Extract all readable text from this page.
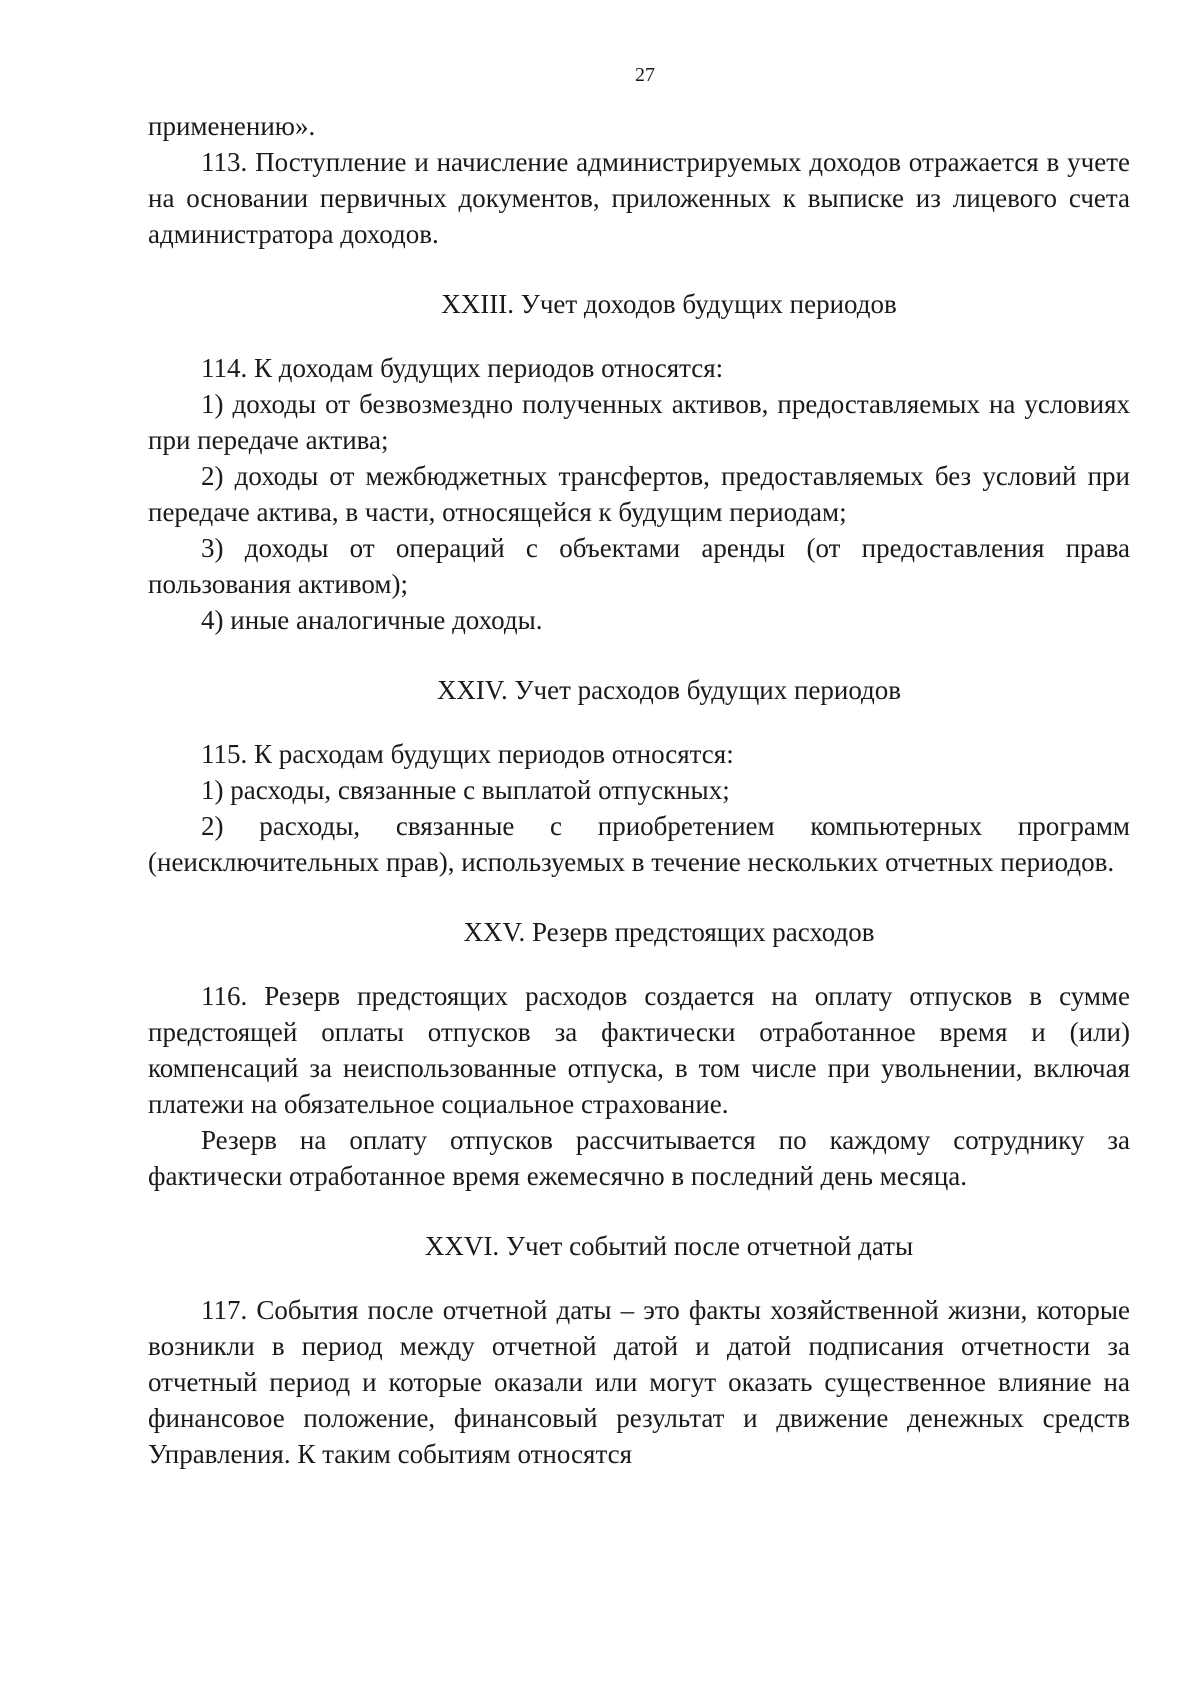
27

применению».

113. Поступление и начисление администрируемых доходов отражается в учете на основании первичных документов, приложенных к выписке из лицевого счета администратора доходов.

XXIII. Учет доходов будущих периодов

114. К доходам будущих периодов относятся:

1) доходы от безвозмездно полученных активов, предоставляемых на условиях при передаче актива;

2) доходы от межбюджетных трансфертов, предоставляемых без условий при передаче актива, в части, относящейся к будущим периодам;

3) доходы от операций с объектами аренды (от предоставления права пользования активом);

4) иные аналогичные доходы.

XXIV. Учет расходов будущих периодов

115. К расходам будущих периодов относятся:

1) расходы, связанные с выплатой отпускных;

2) расходы, связанные с приобретением компьютерных программ (неисключительных прав), используемых в течение нескольких отчетных периодов.

XXV. Резерв предстоящих расходов

116. Резерв предстоящих расходов создается на оплату отпусков в сумме предстоящей оплаты отпусков за фактически отработанное время и (или) компенсаций за неиспользованные отпуска, в том числе при увольнении, включая платежи на обязательное социальное страхование.

Резерв на оплату отпусков рассчитывается по каждому сотруднику за фактически отработанное время ежемесячно в последний день месяца.

XXVI. Учет событий после отчетной даты

117. События после отчетной даты – это факты хозяйственной жизни, которые возникли в период между отчетной датой и датой подписания отчетности за отчетный период и которые оказали или могут оказать существенное влияние на финансовое положение, финансовый результат и движение денежных средств Управления. К таким событиям относятся
